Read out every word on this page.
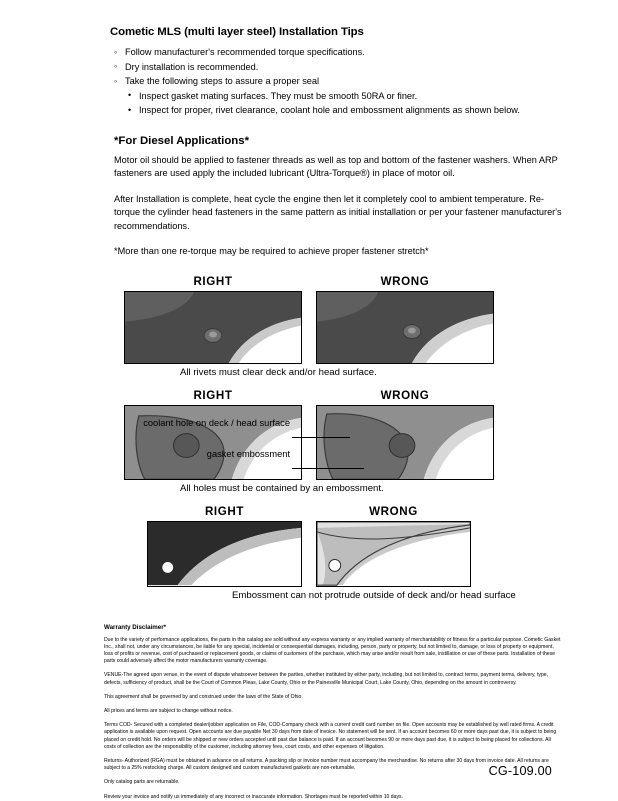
Cometic MLS (multi layer steel) Installation Tips
◦ Follow manufacturer's recommended torque specifications.
◦ Dry installation is recommended.
◦ Take the following steps to assure a proper seal
• Inspect gasket mating surfaces. They must be smooth 50RA or finer.
• Inspect for proper, rivet clearance, coolant hole and embossment alignments as shown below.
*For Diesel Applications*

Motor oil should be applied to fastener threads as well as top and bottom of the fastener washers. When ARP fasteners are used apply the included lubricant (Ultra-Torque®) in place of motor oil.

After Installation is complete, heat cycle the engine then let it completely cool to ambient temperature. Re-torque the cylinder head fasteners in the same pattern as initial installation or per your fastener manufacturer's recommendations.

*More than one re-torque may be required to achieve proper fastener stretch*

RIGHT	WRONG
All rivets must clear deck and/or head surface.
coolant hole on deck / head surface
gasket embossment
RIGHT	WRONG
All holes must be contained by an embossment.
RIGHT	WRONG
Embossment can not protrude outside of deck and/or head surface
Warranty Disclaimer*

Due to the variety of performance applications, the parts in this catalog are sold without any express warranty or any implied warranty of merchantability or fitness for a particular purpose. Cometic Gasket Inc., shall not, under any circumstances, be liable for any special, incidental or consequential damages, including, person, party or property, but not limited to, damage, or loss of property or equipment, loss of profits or revenue, cost of purchased or replacement goods, or claims of customers of the purchase, which may arise and/or result from sale, instillation or use of these parts. Installation of these parts could adversely affect the motor manufacturers warranty coverage.

VENUE-The agreed upon venue, in the event of dispute whatsoever between the parties, whether instituted by either party, including, but not limited to, contract terms, payment terms, delivery, type, defects, sufficiency of product, shall be the Court of Common Pleas, Lake County, Ohio or the Painesville Municipal Court, Lake County, Ohio, depending on the amount in controversy.

This agreement shall be governed by and construed under the laws of the State of Ohio.

All prices and terms are subject to change without notice.

Terms COD- Secured with a completed dealer/jobber application on File, COD-Company check with a current credit card number on file. Open accounts may be established by well rated firms. A credit application is available upon request. Open accounts are due payable Net 30 days from date of invoice. No statement will be sent. If an account becomes 60 or more days past due, it is subject to being placed on credit hold. No orders will be shipped or new orders accepted until past due balance is paid. If an account becomes 90 or more days past due, it is subject to being placed for collections. All costs of collection are the responsibility of the customer, including attorney fees, court costs, and other expenses of litigation.

Returns- Authorized (RGA) must be obtained in advance on all returns. A packing slip or invoice number must accompany the merchandise. No returns after 30 days from invoice date. All returns are subject to a 25% restocking charge. All custom designed and custom manufactured gaskets are non-returnable.

Only catalog parts are returnable.

Review your invoice and notify us immediately of any incorrect or inaccurate information. Shortages must be reported within 10 days.

CG-109.00
